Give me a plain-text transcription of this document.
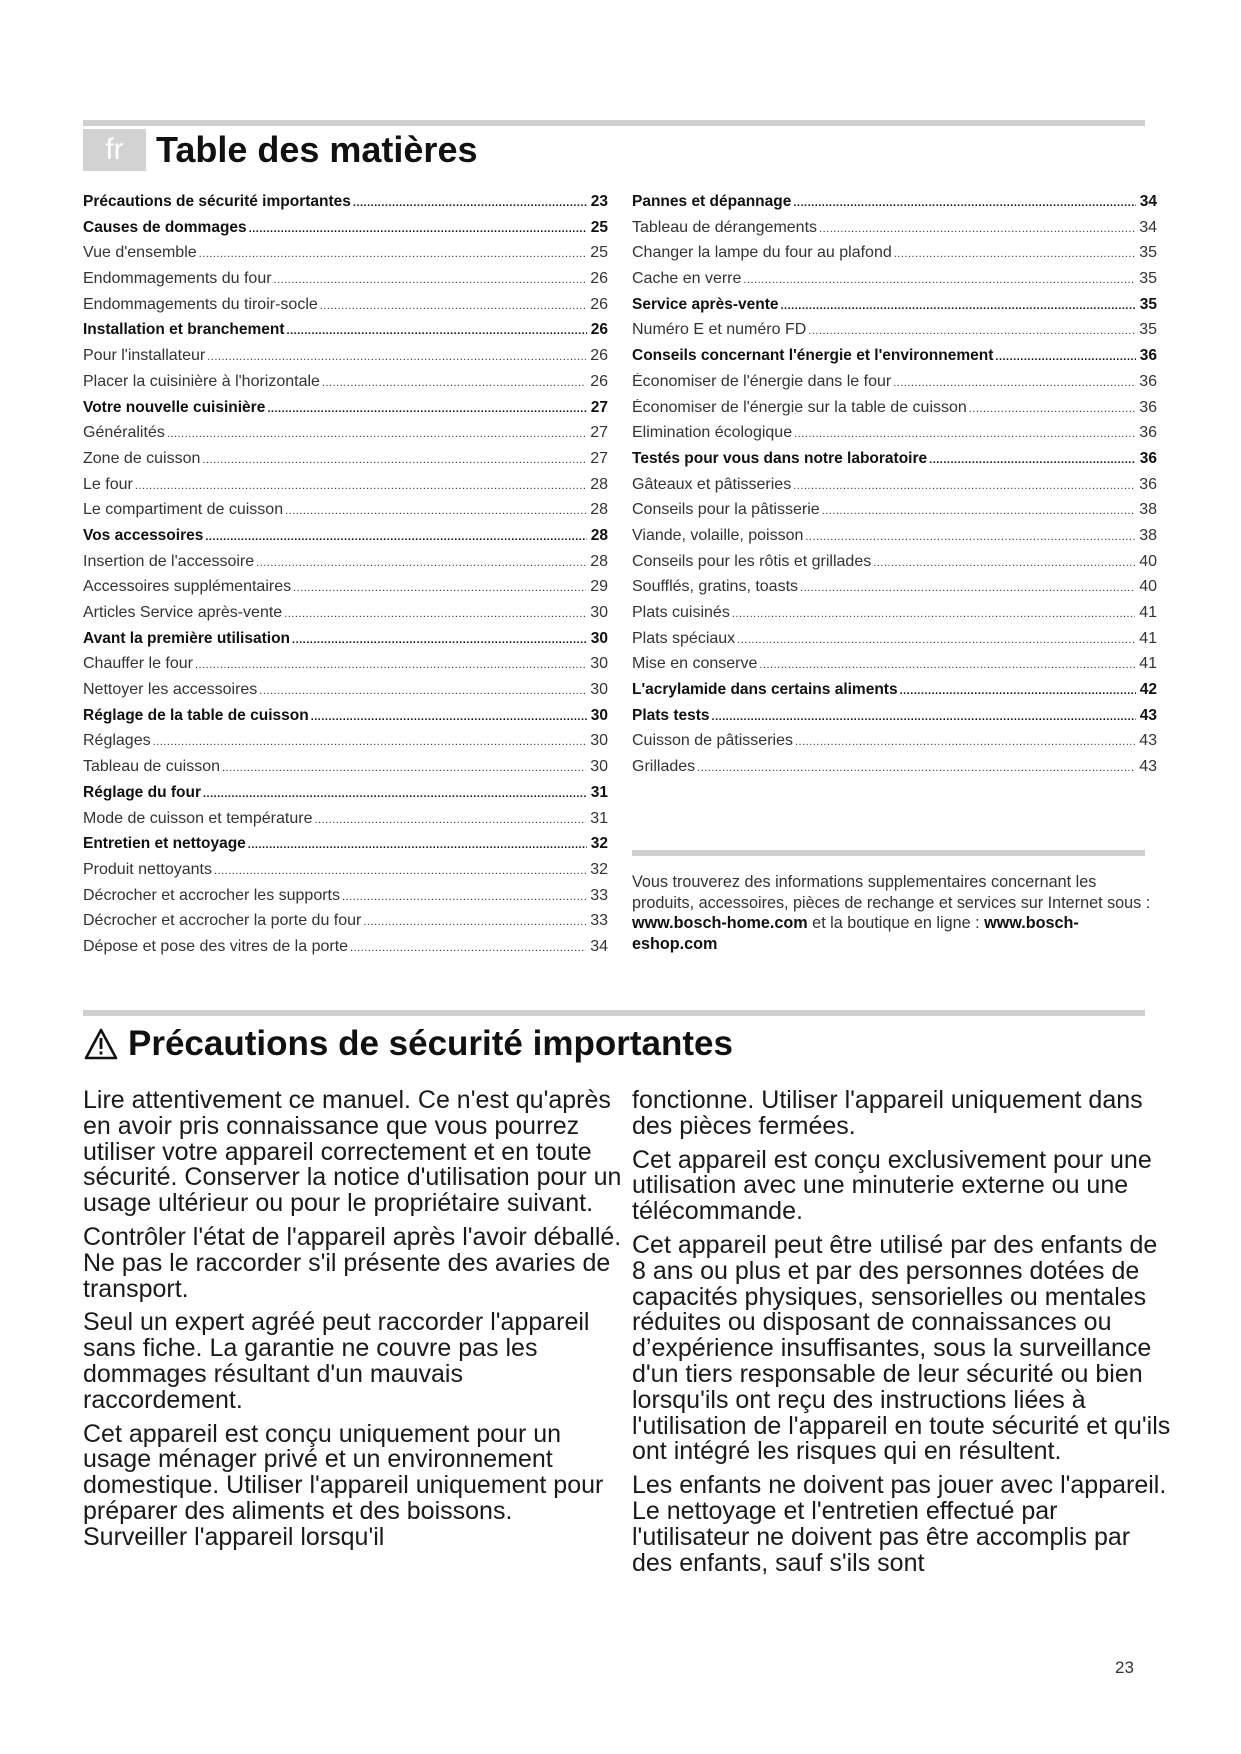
fr Table des matières
Précautions de sécurité importantes .....	23
Causes de dommages .....	25
Vue d'ensemble .....	25
Endommagements du four .....	26
Endommagements du tiroir-socle .....	26
Installation et branchement .....	26
Pour l'installateur .....	26
Placer la cuisinière à l'horizontale .....	26
Votre nouvelle cuisinière .....	27
Généralités .....	27
Zone de cuisson .....	27
Le four .....	28
Le compartiment de cuisson .....	28
Vos accessoires .....	28
Insertion de l'accessoire .....	28
Accessoires supplémentaires .....	29
Articles Service après-vente .....	30
Avant la première utilisation .....	30
Chauffer le four .....	30
Nettoyer les accessoires .....	30
Réglage de la table de cuisson .....	30
Réglages .....	30
Tableau de cuisson .....	30
Réglage du four .....	31
Mode de cuisson et température .....	31
Entretien et nettoyage .....	32
Produit nettoyants .....	32
Décrocher et accrocher les supports .....	33
Décrocher et accrocher la porte du four .....	33
Dépose et pose des vitres de la porte .....	34
Pannes et dépannage .....	34
Tableau de dérangements .....	34
Changer la lampe du four au plafond .....	35
Cache en verre .....	35
Service après-vente .....	35
Numéro E et numéro FD .....	35
Conseils concernant l'énergie et l'environnement .....	36
Économiser de l'énergie dans le four .....	36
Économiser de l'énergie sur la table de cuisson .....	36
Elimination écologique .....	36
Testés pour vous dans notre laboratoire .....	36
Gâteaux et pâtisseries .....	36
Conseils pour la pâtisserie .....	38
Viande, volaille, poisson .....	38
Conseils pour les rôtis et grillades .....	40
Soufflés, gratins, toasts .....	40
Plats cuisinés .....	41
Plats spéciaux .....	41
Mise en conserve .....	41
L'acrylamide dans certains aliments .....	42
Plats tests .....	43
Cuisson de pâtisseries .....	43
Grillades .....	43

Vous trouverez des informations supplementaires concernant les produits, accessoires, pièces de rechange et services sur Internet sous : www.bosch-home.com et la boutique en ligne : www.bosch-eshop.com

Précautions de sécurité importantes

Lire attentivement ce manuel. Ce n'est qu'après en avoir pris connaissance que vous pourrez utiliser votre appareil correctement et en toute sécurité. Conserver la notice d'utilisation pour un usage ultérieur ou pour le propriétaire suivant.

Contrôler l'état de l'appareil après l'avoir déballé. Ne pas le raccorder s'il présente des avaries de transport.

Seul un expert agréé peut raccorder l'appareil sans fiche. La garantie ne couvre pas les dommages résultant d'un mauvais raccordement.

Cet appareil est conçu uniquement pour un usage ménager privé et un environnement domestique. Utiliser l'appareil uniquement pour préparer des aliments et des boissons. Surveiller l'appareil lorsqu'il

fonctionne. Utiliser l'appareil uniquement dans des pièces fermées.

Cet appareil est conçu exclusivement pour une utilisation avec une minuterie externe ou une télécommande.

Cet appareil peut être utilisé par des enfants de 8 ans ou plus et par des personnes dotées de capacités physiques, sensorielles ou mentales réduites ou disposant de connaissances ou d’expérience insuffisantes, sous la surveillance d'un tiers responsable de leur sécurité ou bien lorsqu'ils ont reçu des instructions liées à l'utilisation de l'appareil en toute sécurité et qu'ils ont intégré les risques qui en résultent.

Les enfants ne doivent pas jouer avec l'appareil. Le nettoyage et l'entretien effectué par l'utilisateur ne doivent pas être accomplis par des enfants, sauf s'ils sont

23
